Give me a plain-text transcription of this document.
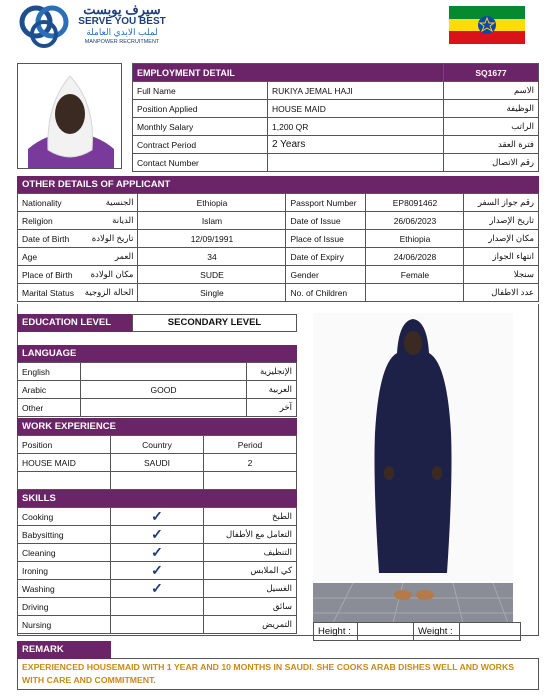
سيرف يوبست
SERVE YOU BEST
لملب الايدي العاملة
MANPOWER RECRUITMENT
EMPLOYMENT DETAIL		SQ1677
Full Name	RUKIYA JEMAL HAJI	الاسم
Position Applied	HOUSE MAID	الوظيفة
Monthly Salary	1,200 QR	الراتب
Contract Period	2 Years	فترة العقد
Contact Number		رقم الاتصال
OTHER DETAILS OF APPLICANT
Nationality	الجنسية	Ethiopia	Passport Number	EP8091462	رقم جواز السفر
Religion	الديانة	Islam	Date of Issue	26/06/2023	تاريخ الإصدار
Date of Birth	تاريخ الولادة	12/09/1991	Place of Issue	Ethiopia	مكان الإصدار
Age	العمر	34	Date of Expiry	24/06/2028	انتهاء الجواز
Place of Birth	مكان الولادة	SUDE	Gender	Female	سنجلا
Marital Status	الحالة الزوجية	Single	No. of Children		عدد الاطفال
EDUCATION LEVEL	SECONDARY LEVEL
LANGUAGE
English		الإنجليزية
Arabic	GOOD	العربية
Other		آخر
WORK EXPERIENCE
Position	Country	Period
HOUSE MAID	SAUDI	2

SKILLS
Cooking	✓	الطبخ
Babysitting	✓	التعامل مع الأطفال
Cleaning	✓	التنظيف
Ironing	✓	كي الملابس
Washing	✓	الغسيل
Driving		سائق
Nursing		التمريض
Height :		Weight :	
REMARK
EXPERIENCED HOUSEMAID WITH 1 YEAR AND 10 MONTHS IN SAUDI. SHE COOKS ARAB DISHES WELL AND WORKS WITH CARE AND COMMITMENT.
